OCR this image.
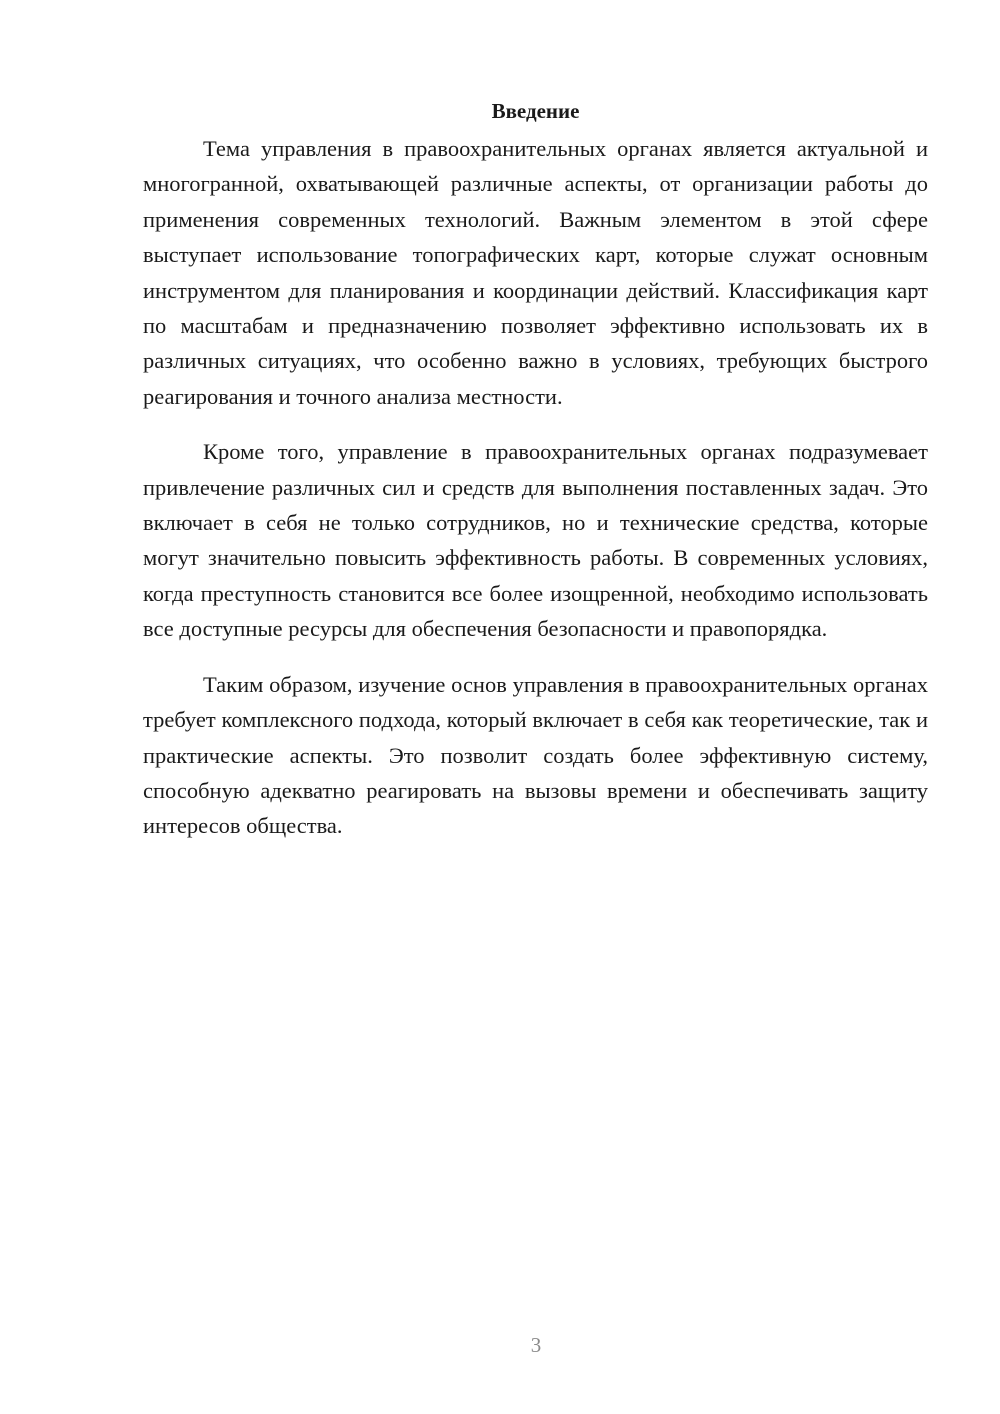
Введение

Тема управления в правоохранительных органах является актуальной и многогранной, охватывающей различные аспекты, от организации работы до применения современных технологий. Важным элементом в этой сфере выступает использование топографических карт, которые служат основным инструментом для планирования и координации действий. Классификация карт по масштабам и предназначению позволяет эффективно использовать их в различных ситуациях, что особенно важно в условиях, требующих быстрого реагирования и точного анализа местности.

Кроме того, управление в правоохранительных органах подразумевает привлечение различных сил и средств для выполнения поставленных задач. Это включает в себя не только сотрудников, но и технические средства, которые могут значительно повысить эффективность работы. В современных условиях, когда преступность становится все более изощренной, необходимо использовать все доступные ресурсы для обеспечения безопасности и правопорядка.

Таким образом, изучение основ управления в правоохранительных органах требует комплексного подхода, который включает в себя как теоретические, так и практические аспекты. Это позволит создать более эффективную систему, способную адекватно реагировать на вызовы времени и обеспечивать защиту интересов общества.

3
